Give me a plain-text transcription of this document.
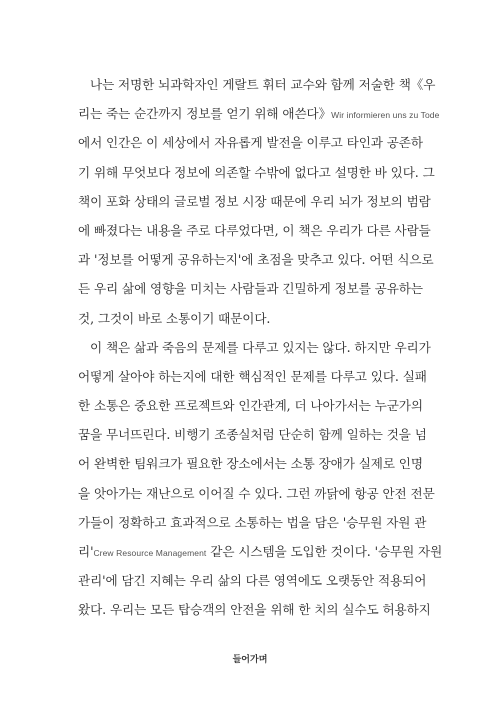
나는 저명한 뇌과학자인 게랄트 휘터 교수와 함께 저술한 책《우
리는 죽는 순간까지 정보를 얻기 위해 애쓴다》Wir informieren uns zu Tode
에서 인간은 이 세상에서 자유롭게 발전을 이루고 타인과 공존하
기 위해 무엇보다 정보에 의존할 수밖에 없다고 설명한 바 있다. 그
책이 포화 상태의 글로벌 정보 시장 때문에 우리 뇌가 정보의 범람
에 빠졌다는 내용을 주로 다루었다면, 이 책은 우리가 다른 사람들
과 '정보를 어떻게 공유하는지'에 초점을 맞추고 있다. 어떤 식으로
든 우리 삶에 영향을 미치는 사람들과 긴밀하게 정보를 공유하는
것, 그것이 바로 소통이기 때문이다.
이 책은 삶과 죽음의 문제를 다루고 있지는 않다. 하지만 우리가
어떻게 살아야 하는지에 대한 핵심적인 문제를 다루고 있다. 실패
한 소통은 중요한 프로젝트와 인간관계, 더 나아가서는 누군가의
꿈을 무너뜨린다. 비행기 조종실처럼 단순히 함께 일하는 것을 넘
어 완벽한 팀워크가 필요한 장소에서는 소통 장애가 실제로 인명
을 앗아가는 재난으로 이어질 수 있다. 그런 까닭에 항공 안전 전문
가들이 정확하고 효과적으로 소통하는 법을 담은 '승무원 자원 관
리'Crew Resource Management 같은 시스템을 도입한 것이다. '승무원 자원
관리'에 담긴 지혜는 우리 삶의 다른 영역에도 오랫동안 적용되어
왔다. 우리는 모든 탑승객의 안전을 위해 한 치의 실수도 허용하지
들어가며
